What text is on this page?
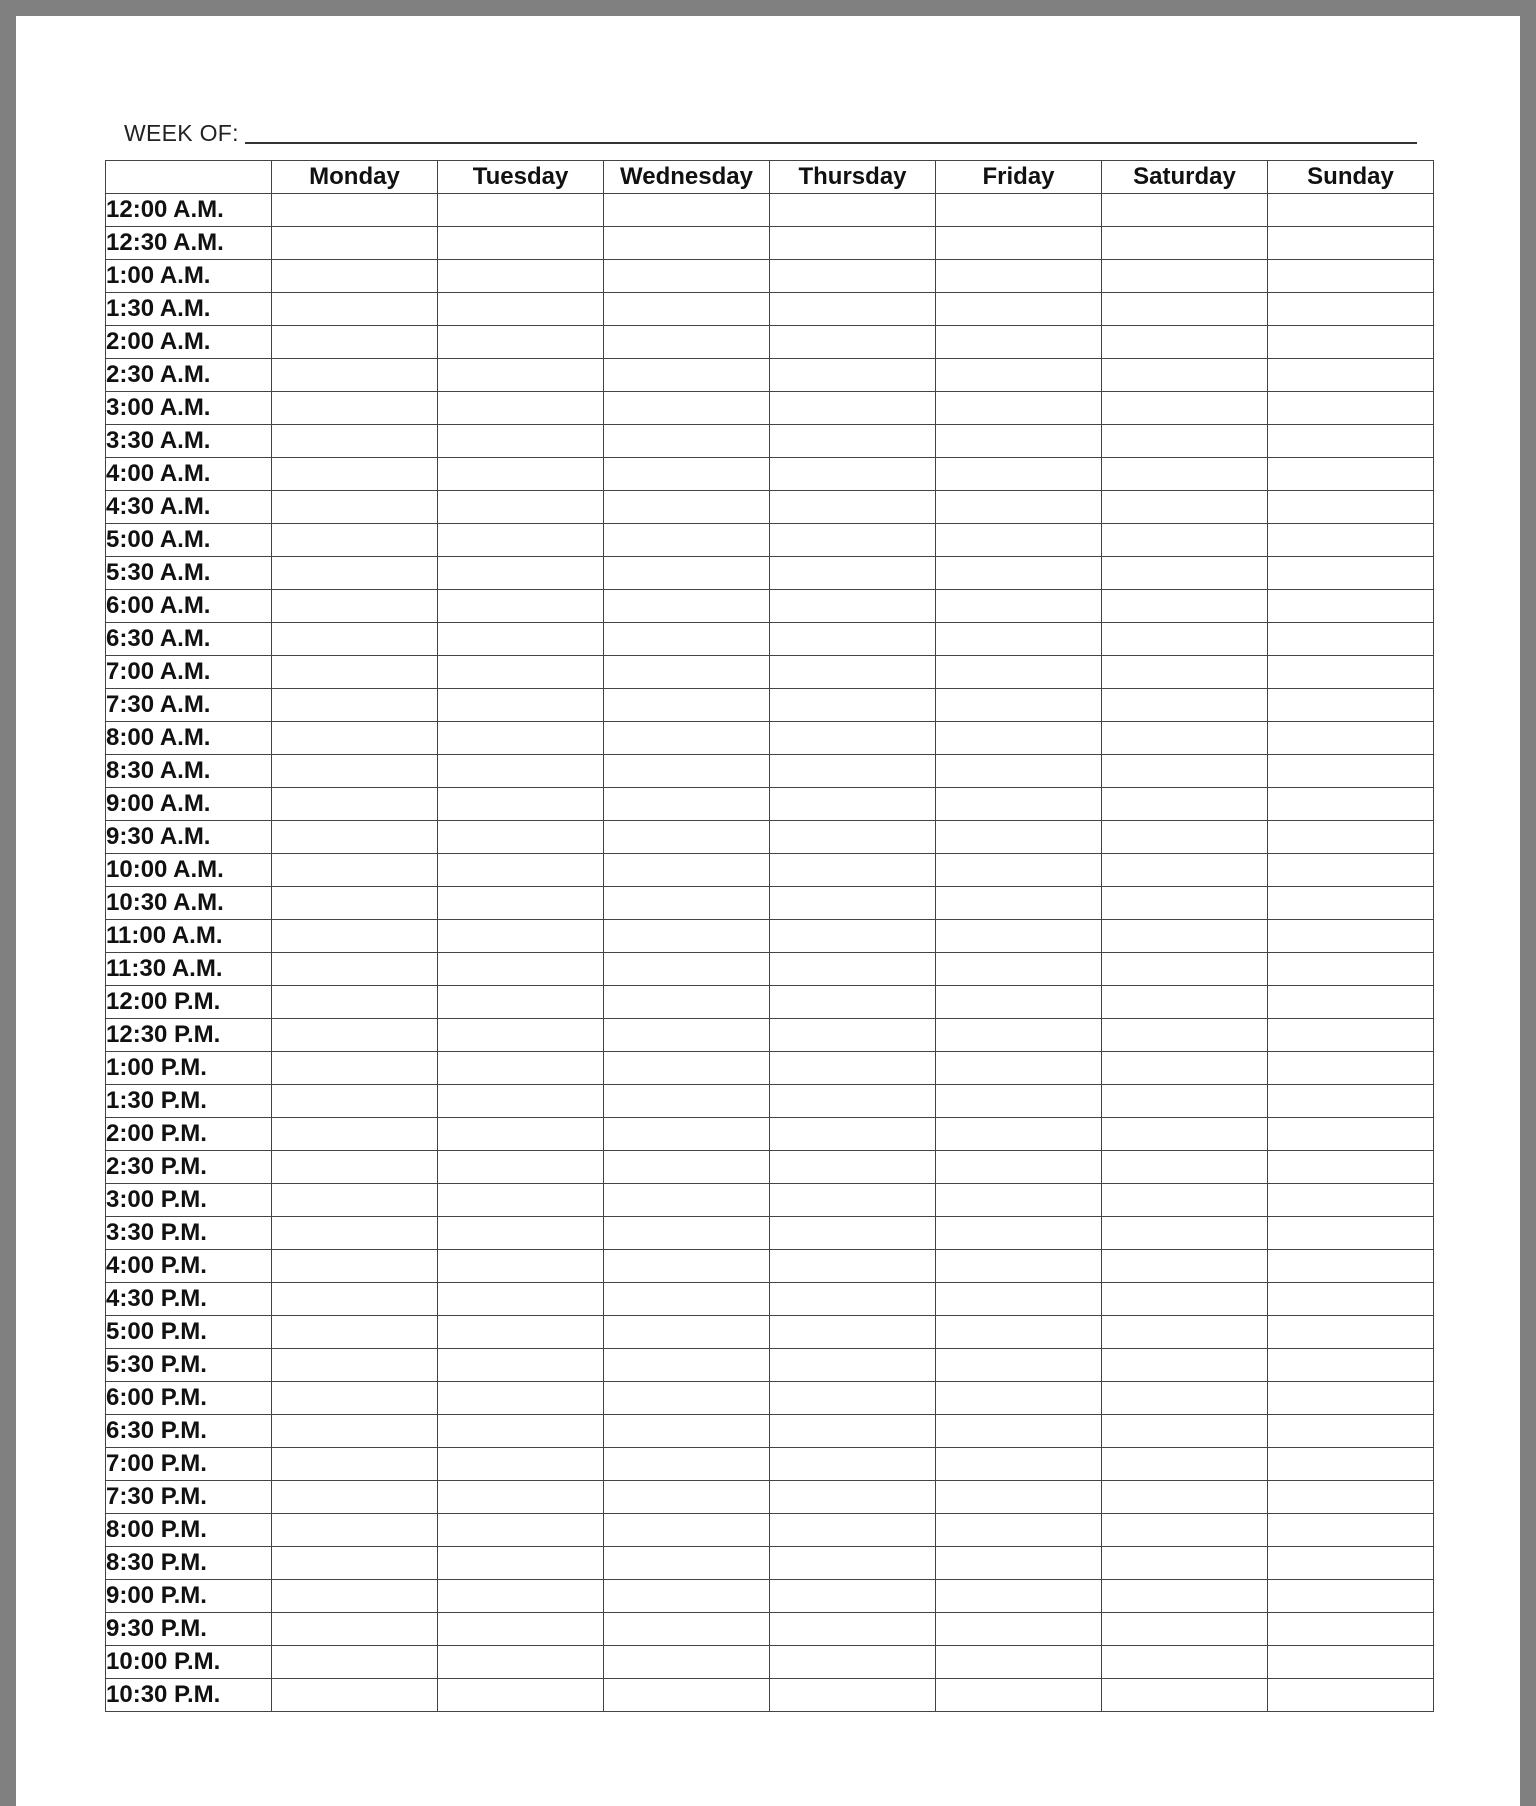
WEEK OF:
	Monday	Tuesday	Wednesday	Thursday	Friday	Saturday	Sunday
12:00 A.M.							
12:30 A.M.							
1:00 A.M.							
1:30 A.M.							
2:00 A.M.							
2:30 A.M.							
3:00 A.M.							
3:30 A.M.							
4:00 A.M.							
4:30 A.M.							
5:00 A.M.							
5:30 A.M.							
6:00 A.M.							
6:30 A.M.							
7:00 A.M.							
7:30 A.M.							
8:00 A.M.							
8:30 A.M.							
9:00 A.M.							
9:30 A.M.							
10:00 A.M.							
10:30 A.M.							
11:00 A.M.							
11:30 A.M.							
12:00 P.M.							
12:30 P.M.							
1:00 P.M.							
1:30 P.M.							
2:00 P.M.							
2:30 P.M.							
3:00 P.M.							
3:30 P.M.							
4:00 P.M.							
4:30 P.M.							
5:00 P.M.							
5:30 P.M.							
6:00 P.M.							
6:30 P.M.							
7:00 P.M.							
7:30 P.M.							
8:00 P.M.							
8:30 P.M.							
9:00 P.M.							
9:30 P.M.							
10:00 P.M.							
10:30 P.M.							
